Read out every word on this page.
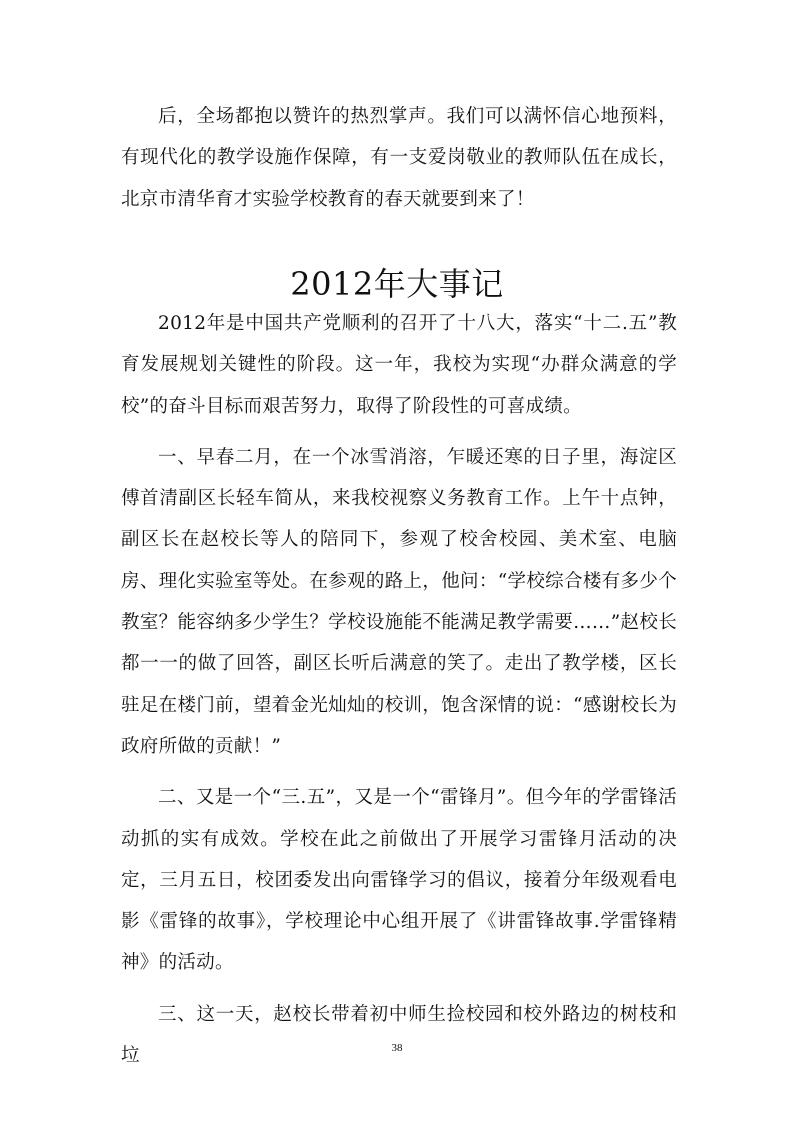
后，全场都抱以赞许的热烈掌声。我们可以满怀信心地预料，有现代化的教学设施作保障，有一支爱岗敬业的教师队伍在成长，北京市清华育才实验学校教育的春天就要到来了！

2012年大事记

2012年是中国共产党顺利的召开了十八大，落实“十二.五”教育发展规划关键性的阶段。这一年，我校为实现“办群众满意的学校”的奋斗目标而艰苦努力，取得了阶段性的可喜成绩。

一、早春二月，在一个冰雪消溶，乍暖还寒的日子里，海淀区傅首清副区长轻车简从，来我校视察义务教育工作。上午十点钟，副区长在赵校长等人的陪同下，参观了校舍校园、美术室、电脑房、理化实验室等处。在参观的路上，他问：“学校综合楼有多少个教室？能容纳多少学生？学校设施能不能满足教学需要……”赵校长都一一的做了回答，副区长听后满意的笑了。走出了教学楼，区长驻足在楼门前，望着金光灿灿的校训，饱含深情的说：“感谢校长为政府所做的贡献！”

二、又是一个“三.五”，又是一个“雷锋月”。但今年的学雷锋活动抓的实有成效。学校在此之前做出了开展学习雷锋月活动的决定，三月五日，校团委发出向雷锋学习的倡议，接着分年级观看电影《雷锋的故事》，学校理论中心组开展了《讲雷锋故事.学雷锋精神》的活动。

三、这一天，赵校长带着初中师生捡校园和校外路边的树枝和垃	38
